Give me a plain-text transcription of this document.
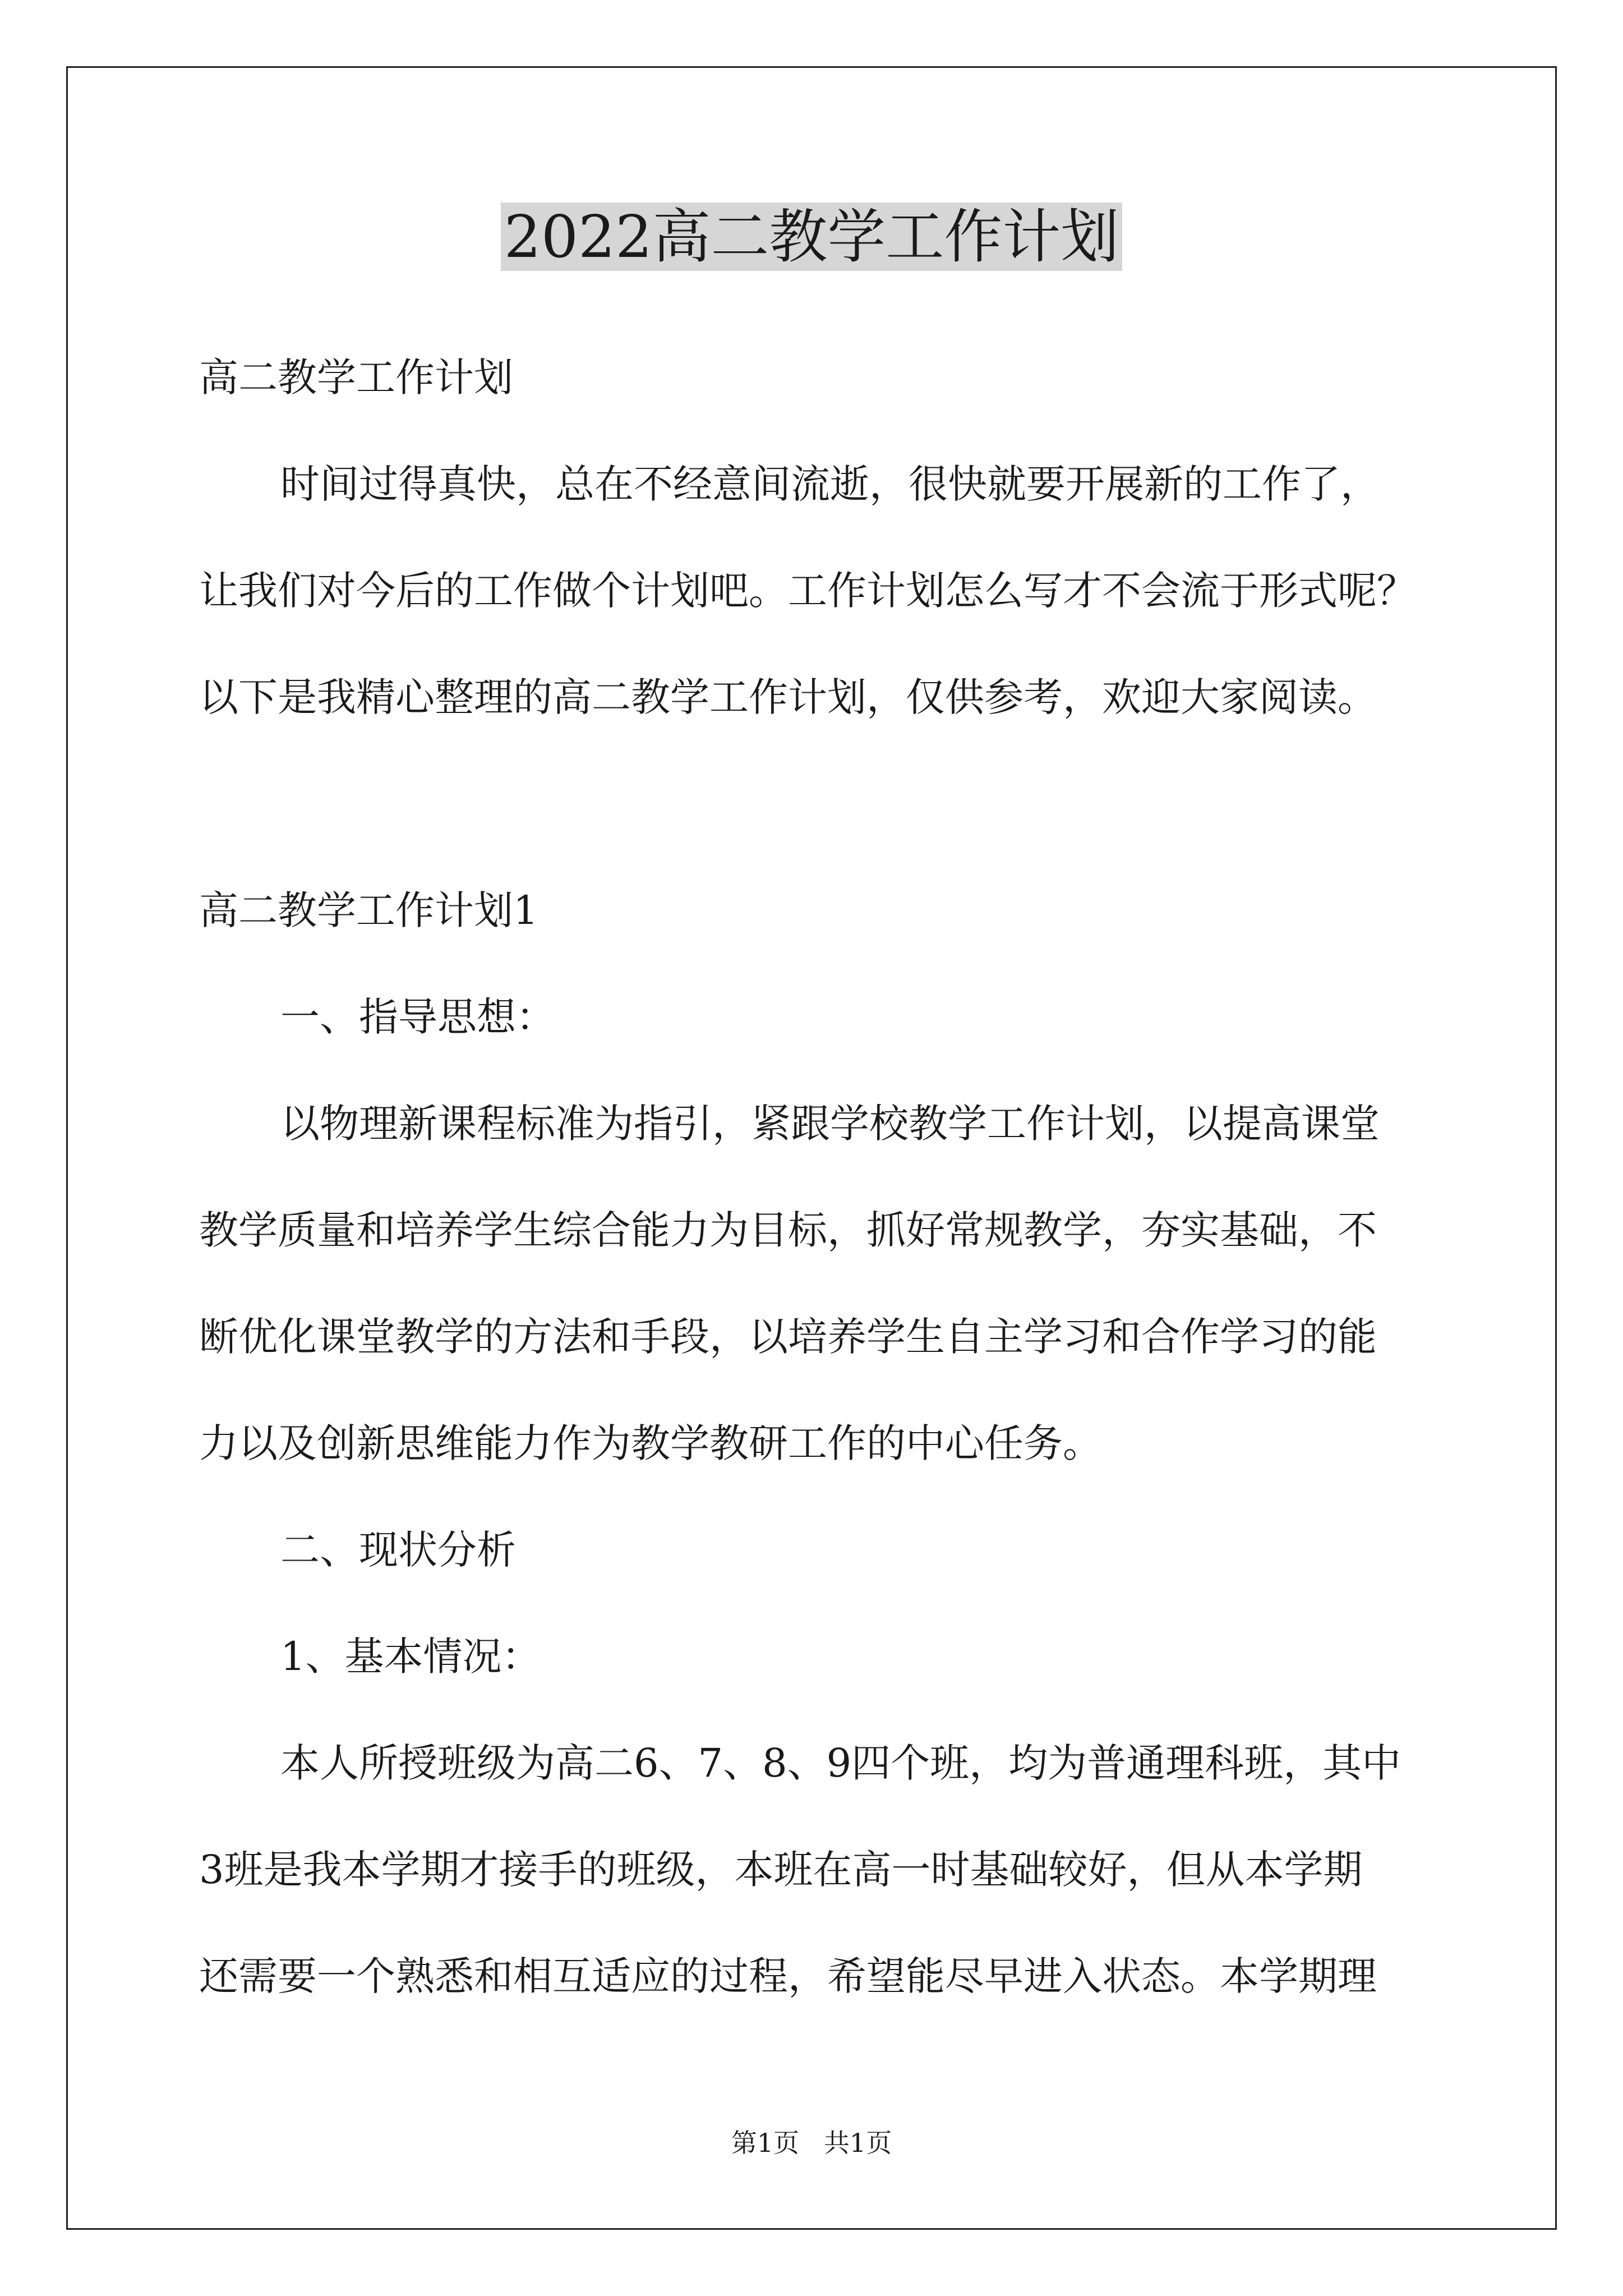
2022高二教学工作计划
高二教学工作计划
时间过得真快，总在不经意间流逝，很快就要开展新的工作了，
让我们对今后的工作做个计划吧。工作计划怎么写才不会流于形式呢？
以下是我精心整理的高二教学工作计划，仅供参考，欢迎大家阅读。
高二教学工作计划1
一、指导思想：
以物理新课程标准为指引，紧跟学校教学工作计划，以提高课堂
教学质量和培养学生综合能力为目标，抓好常规教学，夯实基础，不
断优化课堂教学的方法和手段，以培养学生自主学习和合作学习的能
力以及创新思维能力作为教学教研工作的中心任务。
二、现状分析
1、基本情况：
本人所授班级为高二6、7、8、9四个班，均为普通理科班，其中
3班是我本学期才接手的班级，本班在高一时基础较好，但从本学期
还需要一个熟悉和相互适应的过程，希望能尽早进入状态。本学期理
第1页   共1页
